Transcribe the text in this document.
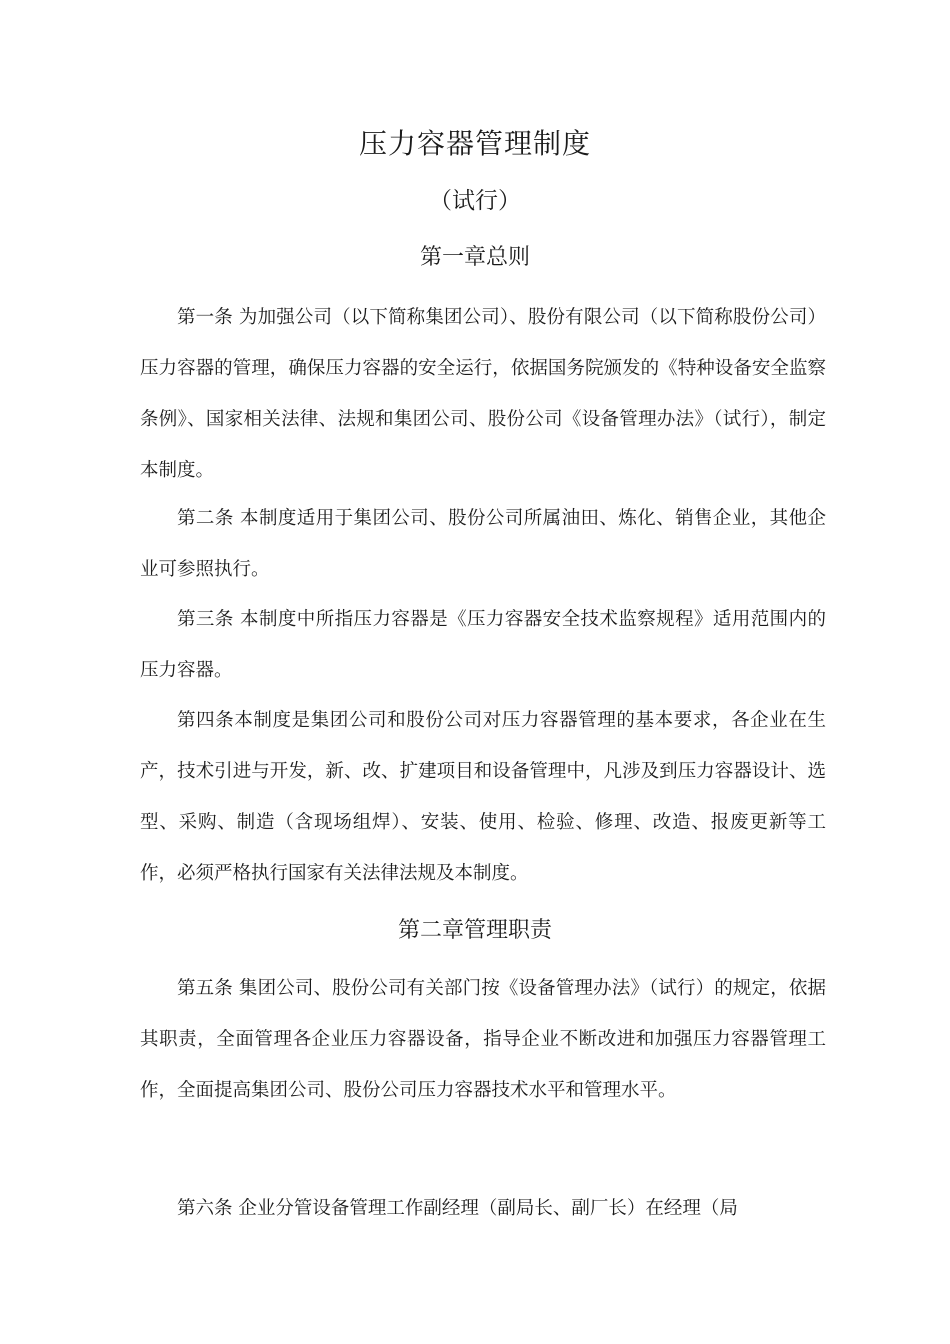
压力容器管理制度
（试行）
第一章总则

第一条 为加强公司（以下简称集团公司）、股份有限公司（以下简称股份公司）压力容器的管理，确保压力容器的安全运行，依据国务院颁发的《特种设备安全监察条例》、国家相关法律、法规和集团公司、股份公司《设备管理办法》（试行），制定本制度。

第二条 本制度适用于集团公司、股份公司所属油田、炼化、销售企业，其他企业可参照执行。

第三条 本制度中所指压力容器是《压力容器安全技术监察规程》适用范围内的压力容器。

第四条本制度是集团公司和股份公司对压力容器管理的基本要求，各企业在生产，技术引进与开发，新、改、扩建项目和设备管理中，凡涉及到压力容器设计、选型、采购、制造（含现场组焊）、安装、使用、检验、修理、改造、报废更新等工作，必须严格执行国家有关法律法规及本制度。

第二章管理职责

第五条 集团公司、股份公司有关部门按《设备管理办法》（试行）的规定，依据其职责，全面管理各企业压力容器设备，指导企业不断改进和加强压力容器管理工作，全面提高集团公司、股份公司压力容器技术水平和管理水平。

第六条 企业分管设备管理工作副经理（副局长、副厂长）在经理（局
